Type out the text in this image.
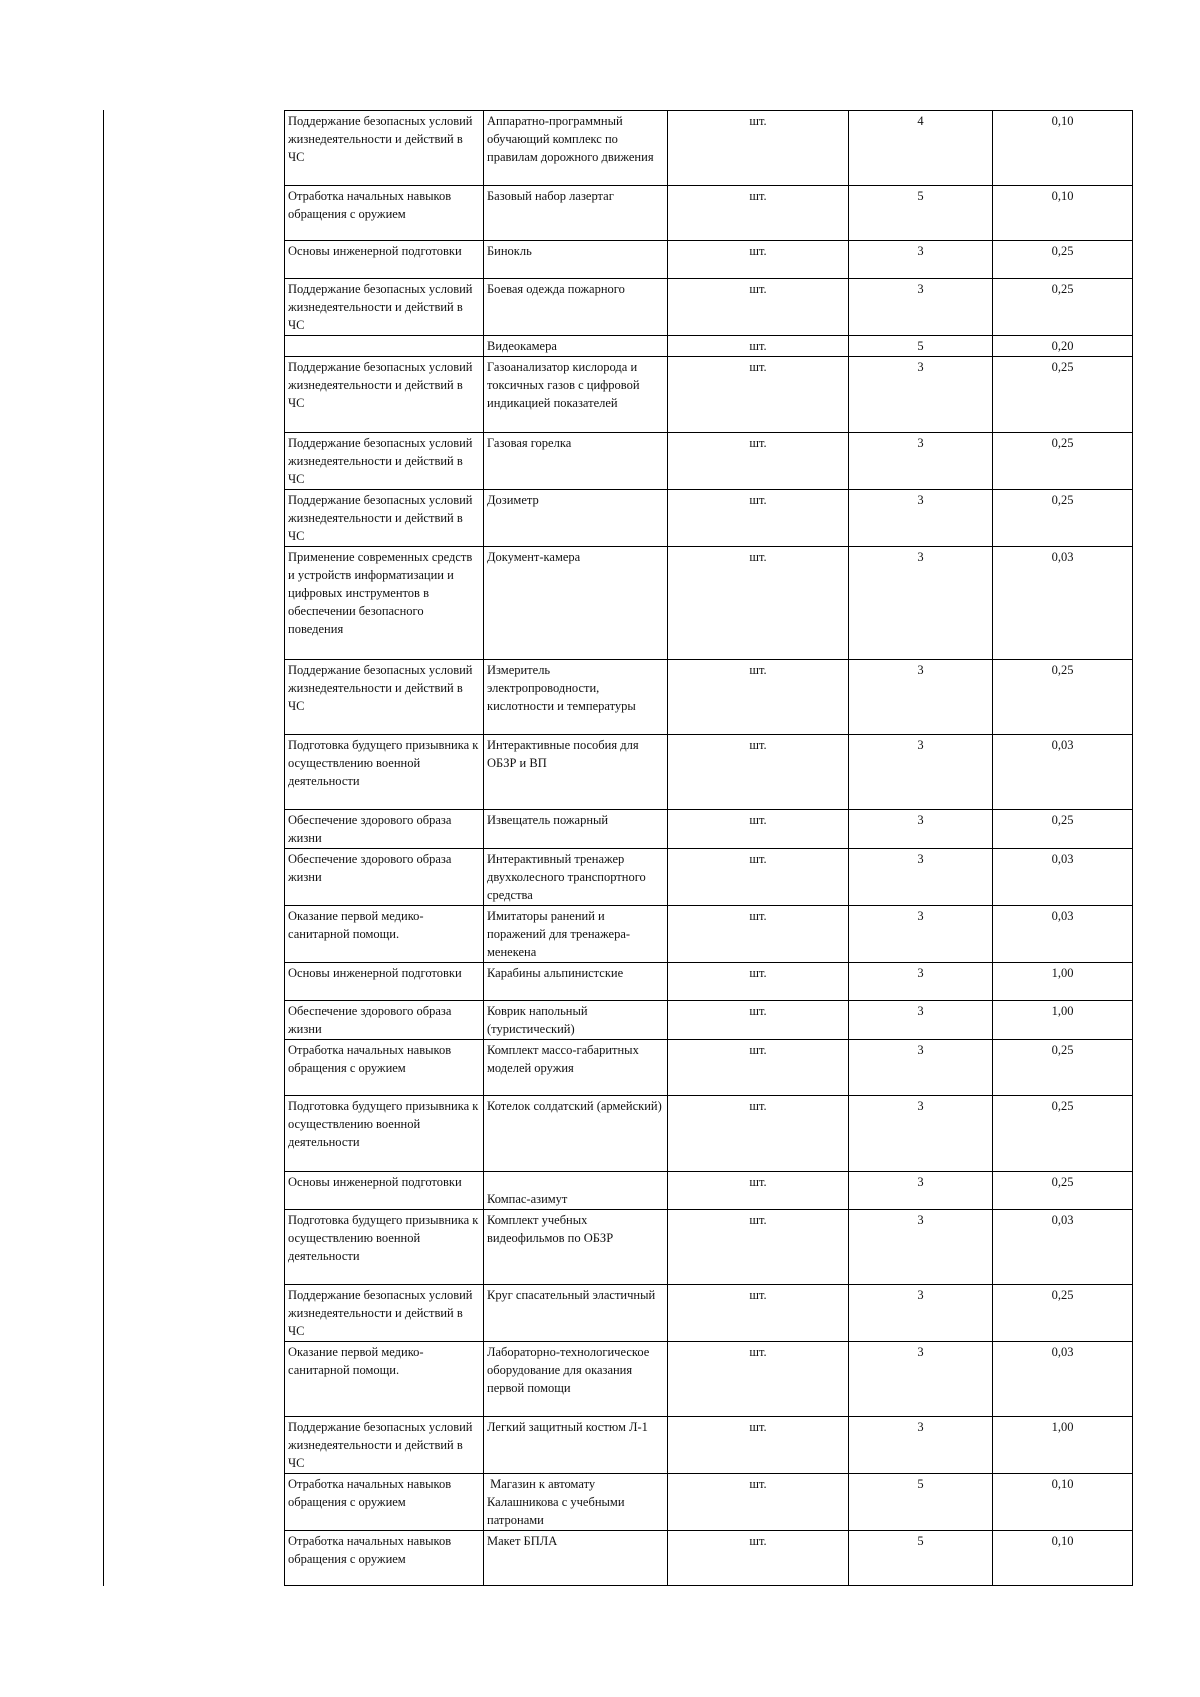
Поддержание безопасных условий жизнедеятельности и действий в ЧС	Аппаратно-программный обучающий комплекс по правилам дорожного движения	шт.	4	0,10
Отработка начальных навыков обращения с оружием	Базовый набор лазертаг	шт.	5	0,10
Основы инженерной подготовки	Бинокль	шт.	3	0,25
Поддержание безопасных условий жизнедеятельности и действий в ЧС	Боевая одежда пожарного	шт.	3	0,25
	Видеокамера	шт.	5	0,20
Поддержание безопасных условий жизнедеятельности и действий в ЧС	Газоанализатор кислорода и токсичных газов с цифровой индикацией показателей	шт.	3	0,25
Поддержание безопасных условий жизнедеятельности и действий в ЧС	Газовая горелка	шт.	3	0,25
Поддержание безопасных условий жизнедеятельности и действий в ЧС	Дозиметр	шт.	3	0,25
Применение современных средств и устройств информатизации и цифровых инструментов в обеспечении безопасного поведения	Документ-камера	шт.	3	0,03
Поддержание безопасных условий жизнедеятельности и действий в ЧС	Измеритель электропроводности, кислотности и температуры	шт.	3	0,25
Подготовка будущего призывника к осуществлению военной деятельности	Интерактивные пособия для ОБЗР и ВП	шт.	3	0,03
Обеспечение здорового образа жизни	Извещатель пожарный	шт.	3	0,25
Обеспечение здорового образа жизни	Интерактивный тренажер двухколесного транспортного средства	шт.	3	0,03
Оказание первой медико-санитарной помощи.	Имитаторы ранений и поражений для тренажера-менекена	шт.	3	0,03
Основы инженерной подготовки	Карабины альпинистские	шт.	3	1,00
Обеспечение здорового образа жизни	Коврик напольный (туристический)	шт.	3	1,00
Отработка начальных навыков обращения с оружием	Комплект массо-габаритных моделей оружия	шт.	3	0,25
Подготовка будущего призывника к осуществлению военной деятельности	Котелок солдатский (армейский)	шт.	3	0,25
Основы инженерной подготовки	Компас-азимут	шт.	3	0,25
Подготовка будущего призывника к осуществлению военной деятельности	Комплект учебных видеофильмов по ОБЗР	шт.	3	0,03
Поддержание безопасных условий жизнедеятельности и действий в ЧС	Круг спасательный эластичный	шт.	3	0,25
Оказание первой медико-санитарной помощи.	Лабораторно-технологическое оборудование для оказания первой помощи	шт.	3	0,03
Поддержание безопасных условий жизнедеятельности и действий в ЧС	Легкий защитный костюм Л-1	шт.	3	1,00
Отработка начальных навыков обращения с оружием	Магазин к автомату Калашникова с учебными патронами	шт.	5	0,10
Отработка начальных навыков обращения с оружием	Макет БПЛА	шт.	5	0,10
